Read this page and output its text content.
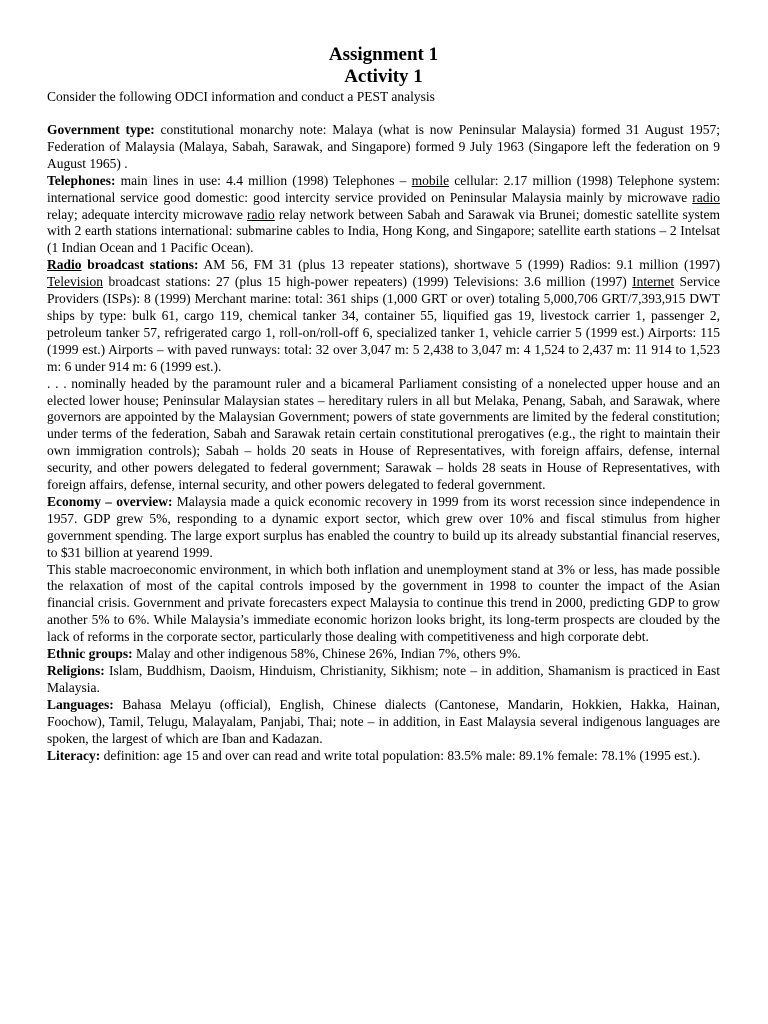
Assignment 1

Activity 1

Consider the following ODCI information and conduct a PEST analysis

Government type: constitutional monarchy note: Malaya (what is now Peninsular Malaysia) formed 31 August 1957; Federation of Malaysia (Malaya, Sabah, Sarawak, and Singapore) formed 9 July 1963 (Singapore left the federation on 9 August 1965) .

Telephones: main lines in use: 4.4 million (1998) Telephones – mobile cellular: 2.17 million (1998) Telephone system: international service good domestic: good intercity service provided on Peninsular Malaysia mainly by microwave radio relay; adequate intercity microwave radio relay network between Sabah and Sarawak via Brunei; domestic satellite system with 2 earth stations international: submarine cables to India, Hong Kong, and Singapore; satellite earth stations – 2 Intelsat (1 Indian Ocean and 1 Pacific Ocean).

Radio broadcast stations: AM 56, FM 31 (plus 13 repeater stations), shortwave 5 (1999) Radios: 9.1 million (1997) Television broadcast stations: 27 (plus 15 high-power repeaters) (1999) Televisions: 3.6 million (1997) Internet Service Providers (ISPs): 8 (1999) Merchant marine: total: 361 ships (1,000 GRT or over) totaling 5,000,706 GRT/7,393,915 DWT ships by type: bulk 61, cargo 119, chemical tanker 34, container 55, liquified gas 19, livestock carrier 1, passenger 2, petroleum tanker 57, refrigerated cargo 1, roll-on/roll-off 6, specialized tanker 1, vehicle carrier 5 (1999 est.) Airports: 115 (1999 est.) Airports – with paved runways: total: 32 over 3,047 m: 5 2,438 to 3,047 m: 4 1,524 to 2,437 m: 11 914 to 1,523 m: 6 under 914 m: 6 (1999 est.).

. . . nominally headed by the paramount ruler and a bicameral Parliament consisting of a nonelected upper house and an elected lower house; Peninsular Malaysian states – hereditary rulers in all but Melaka, Penang, Sabah, and Sarawak, where governors are appointed by the Malaysian Government; powers of state governments are limited by the federal constitution; under terms of the federation, Sabah and Sarawak retain certain constitutional prerogatives (e.g., the right to maintain their own immigration controls); Sabah – holds 20 seats in House of Representatives, with foreign affairs, defense, internal security, and other powers delegated to federal government; Sarawak – holds 28 seats in House of Representatives, with foreign affairs, defense, internal security, and other powers delegated to federal government.

Economy – overview: Malaysia made a quick economic recovery in 1999 from its worst recession since independence in 1957. GDP grew 5%, responding to a dynamic export sector, which grew over 10% and fiscal stimulus from higher government spending. The large export surplus has enabled the country to build up its already substantial financial reserves, to $31 billion at yearend 1999.

This stable macroeconomic environment, in which both inflation and unemployment stand at 3% or less, has made possible the relaxation of most of the capital controls imposed by the government in 1998 to counter the impact of the Asian financial crisis. Government and private forecasters expect Malaysia to continue this trend in 2000, predicting GDP to grow another 5% to 6%. While Malaysia’s immediate economic horizon looks bright, its long-term prospects are clouded by the lack of reforms in the corporate sector, particularly those dealing with competitiveness and high corporate debt.

Ethnic groups: Malay and other indigenous 58%, Chinese 26%, Indian 7%, others 9%.

Religions: Islam, Buddhism, Daoism, Hinduism, Christianity, Sikhism; note – in addition, Shamanism is practiced in East Malaysia.

Languages: Bahasa Melayu (official), English, Chinese dialects (Cantonese, Mandarin, Hokkien, Hakka, Hainan, Foochow), Tamil, Telugu, Malayalam, Panjabi, Thai; note – in addition, in East Malaysia several indigenous languages are spoken, the largest of which are Iban and Kadazan.

Literacy: definition: age 15 and over can read and write total population: 83.5% male: 89.1% female: 78.1% (1995 est.).
